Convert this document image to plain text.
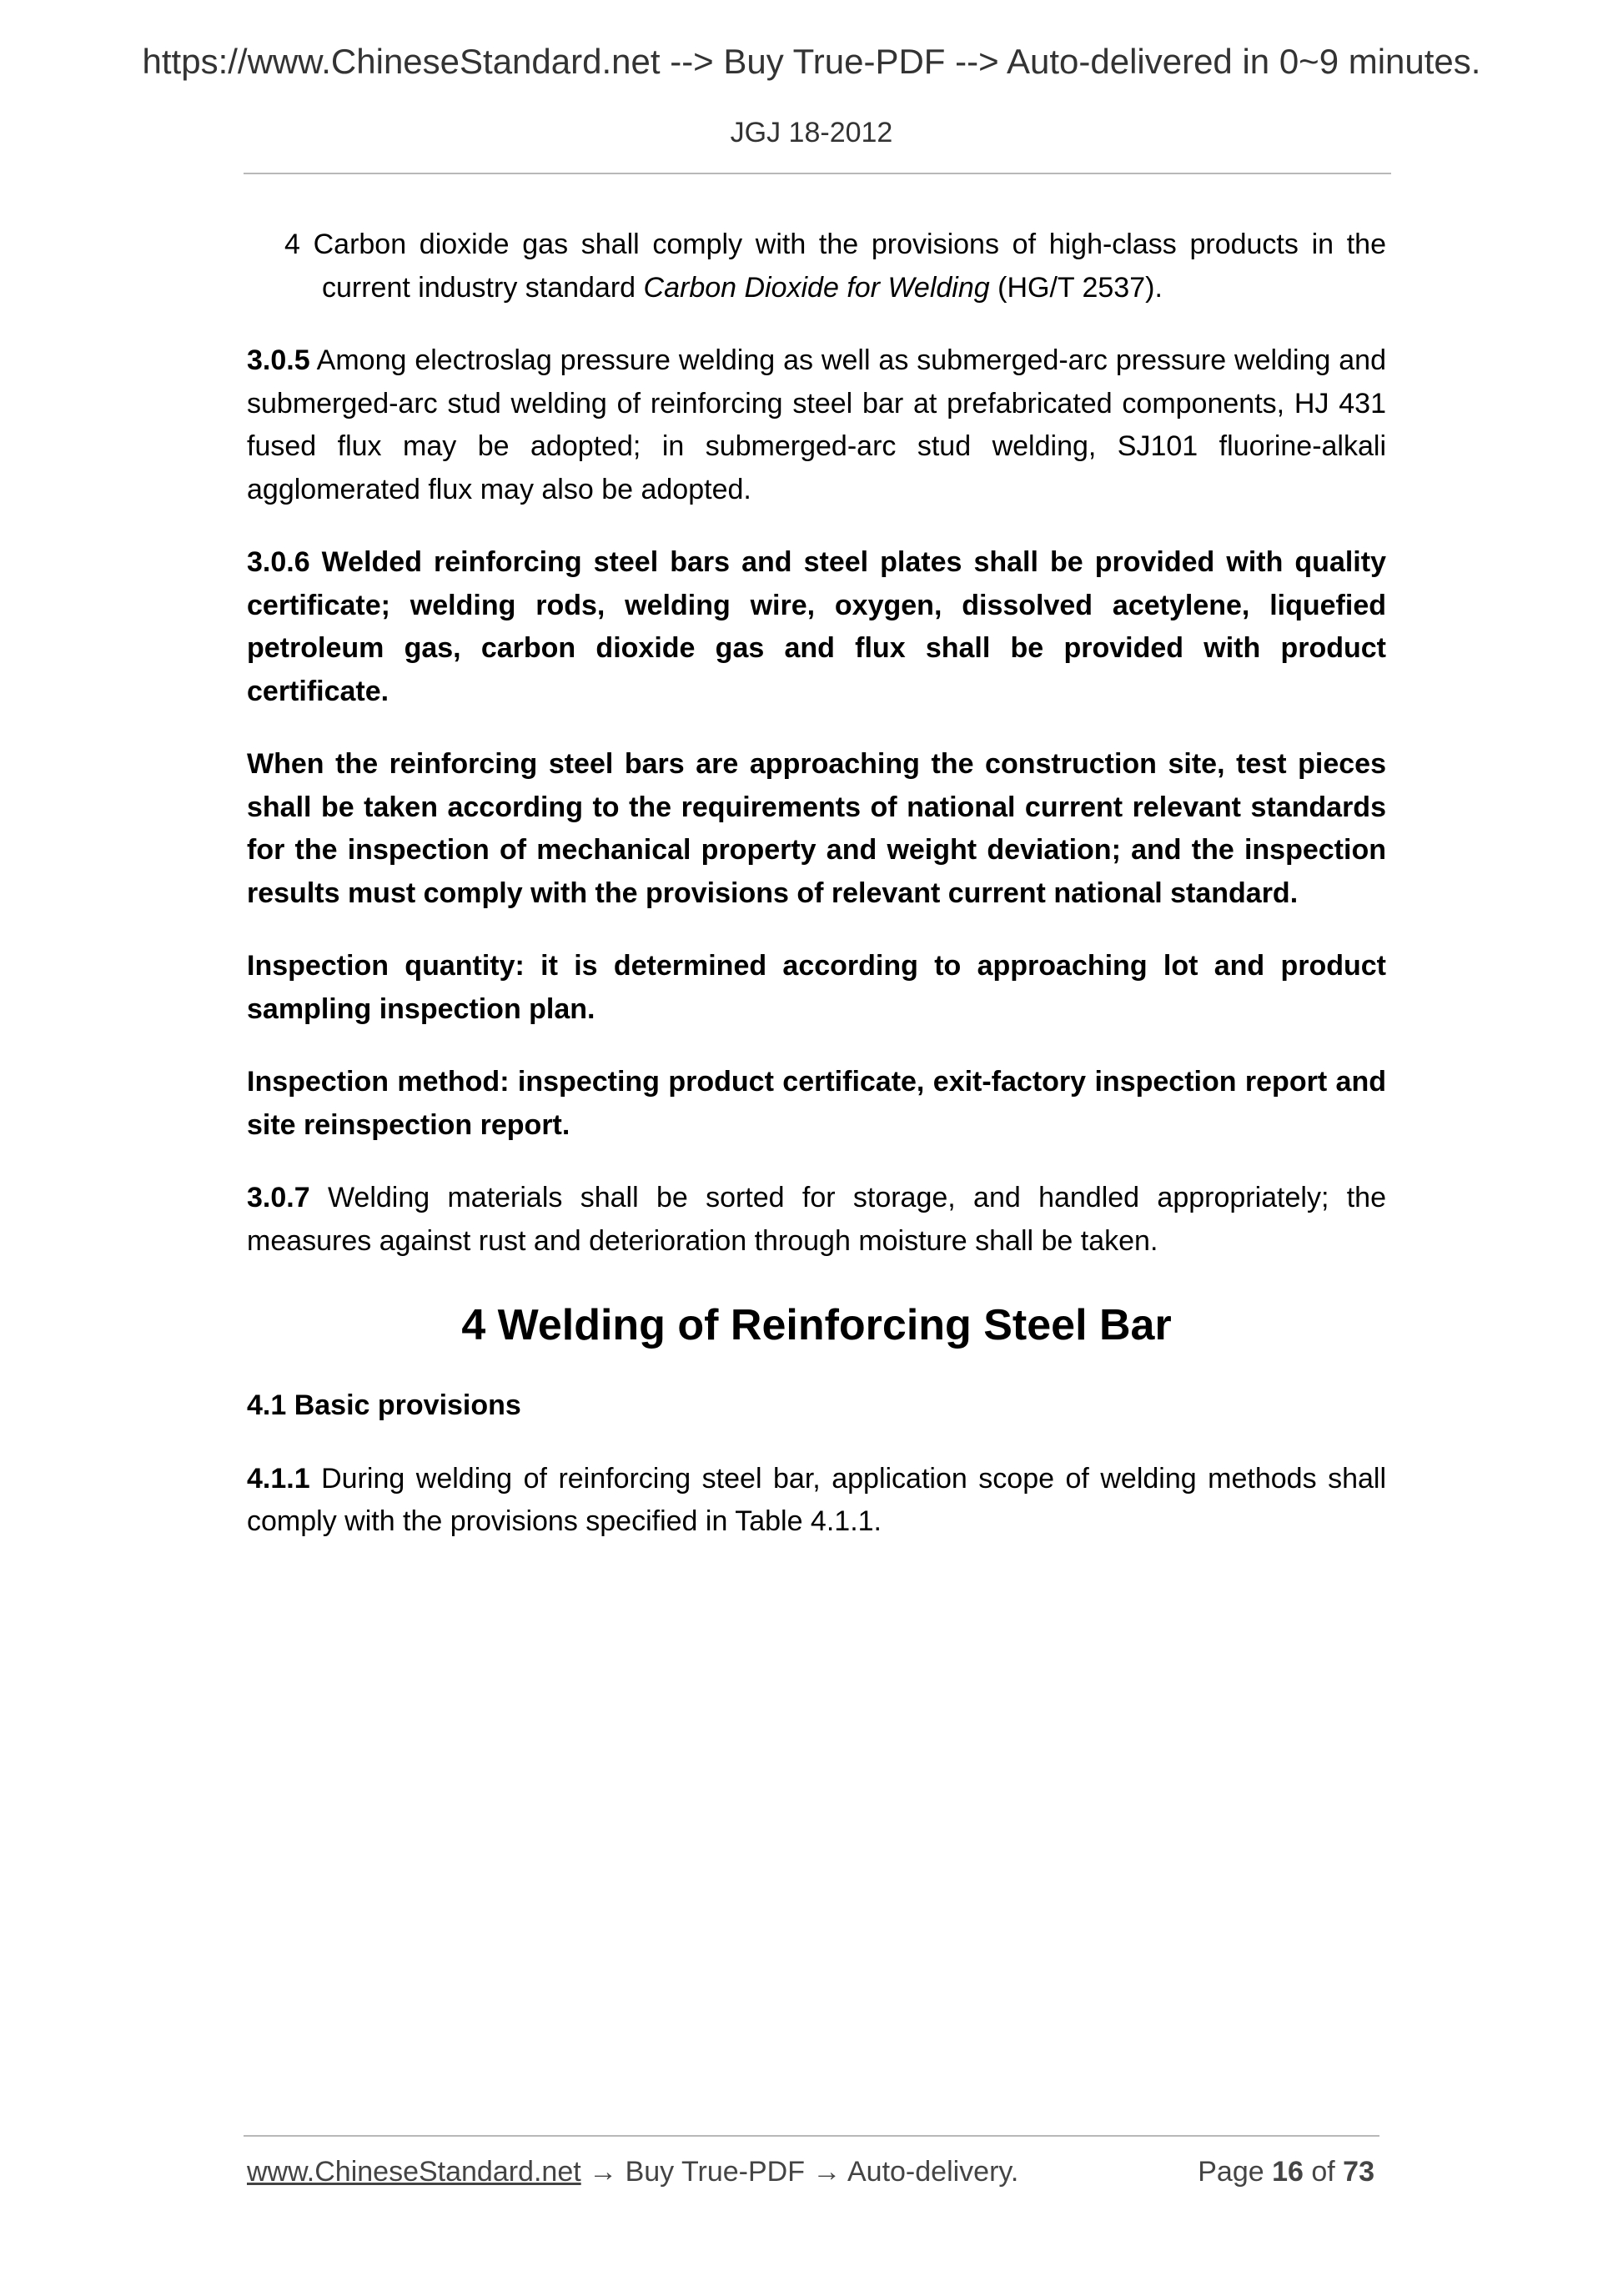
https://www.ChineseStandard.net --> Buy True-PDF --> Auto-delivered in 0~9 minutes.
JGJ 18-2012

4 Carbon dioxide gas shall comply with the provisions of high-class products in the current industry standard Carbon Dioxide for Welding (HG/T 2537).

3.0.5 Among electroslag pressure welding as well as submerged-arc pressure welding and submerged-arc stud welding of reinforcing steel bar at prefabricated components, HJ 431 fused flux may be adopted; in submerged-arc stud welding, SJ101 fluorine-alkali agglomerated flux may also be adopted.

3.0.6 Welded reinforcing steel bars and steel plates shall be provided with quality certificate; welding rods, welding wire, oxygen, dissolved acetylene, liquefied petroleum gas, carbon dioxide gas and flux shall be provided with product certificate.

When the reinforcing steel bars are approaching the construction site, test pieces shall be taken according to the requirements of national current relevant standards for the inspection of mechanical property and weight deviation; and the inspection results must comply with the provisions of relevant current national standard.

Inspection quantity: it is determined according to approaching lot and product sampling inspection plan.

Inspection method: inspecting product certificate, exit-factory inspection report and site reinspection report.

3.0.7 Welding materials shall be sorted for storage, and handled appropriately; the measures against rust and deterioration through moisture shall be taken.

4 Welding of Reinforcing Steel Bar
4.1 Basic provisions

4.1.1 During welding of reinforcing steel bar, application scope of welding methods shall comply with the provisions specified in Table 4.1.1.

www.ChineseStandard.net → Buy True-PDF → Auto-delivery.	Page 16 of 73
